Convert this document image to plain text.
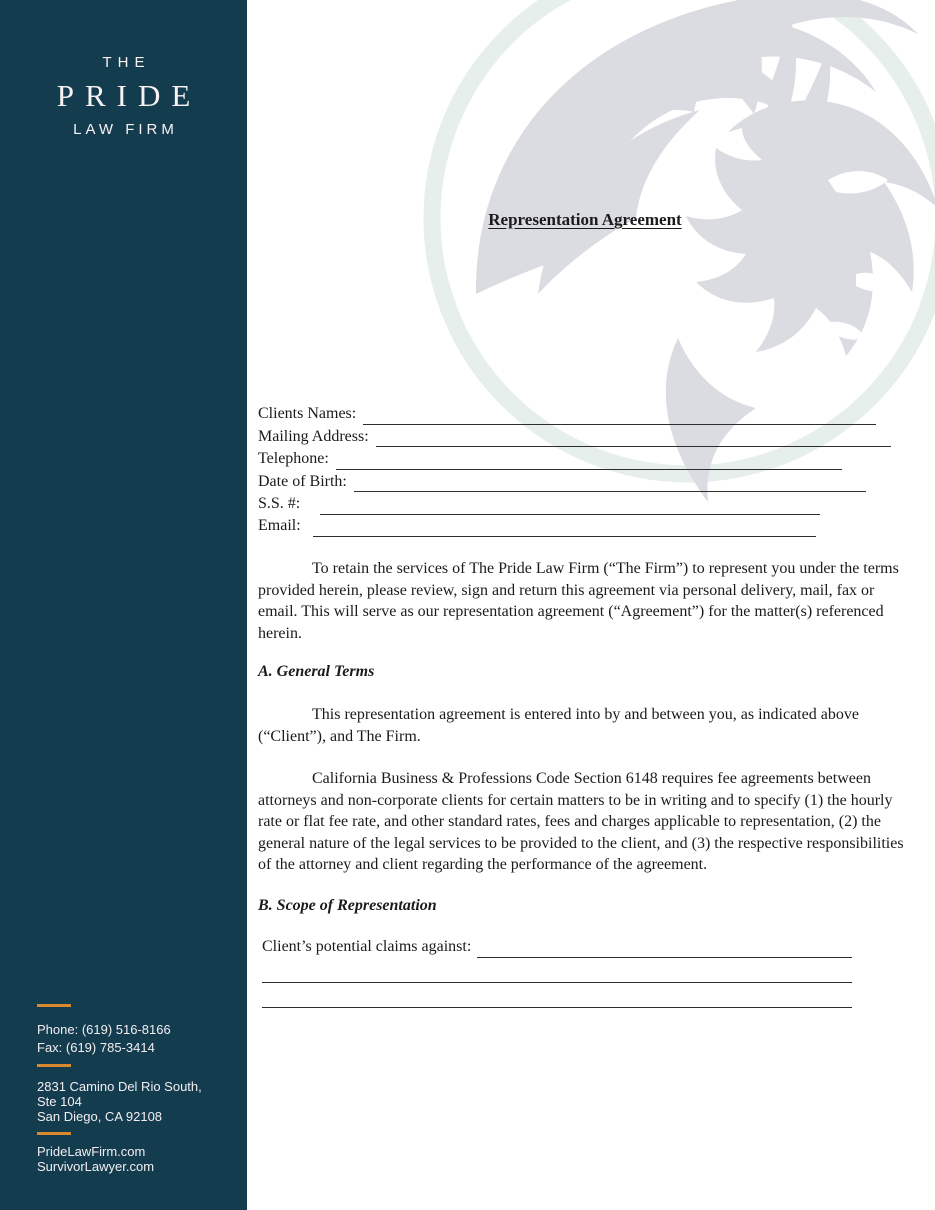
THE
PRIDE
LAW FIRM
Phone: (619) 516-8166
Fax: (619) 785-3414
2831 Camino Del Rio South,
Ste 104
San Diego, CA 92108
PrideLawFirm.com
SurvivorLawyer.com
Representation Agreement
Clients Names:
Mailing Address:
Telephone:
Date of Birth:
S.S. #:
Email:

To retain the services of The Pride Law Firm (“The Firm”) to represent you under the terms provided herein, please review, sign and return this agreement via personal delivery, mail, fax or email. This will serve as our representation agreement (“Agreement”) for the matter(s) referenced herein.

A. General Terms

This representation agreement is entered into by and between you, as indicated above (“Client”), and The Firm.

California Business & Professions Code Section 6148 requires fee agreements between attorneys and non-corporate clients for certain matters to be in writing and to specify (1) the hourly rate or flat fee rate, and other standard rates, fees and charges applicable to representation, (2) the general nature of the legal services to be provided to the client, and (3) the respective responsibilities of the attorney and client regarding the performance of the agreement.

B. Scope of Representation
Client’s potential claims against:
